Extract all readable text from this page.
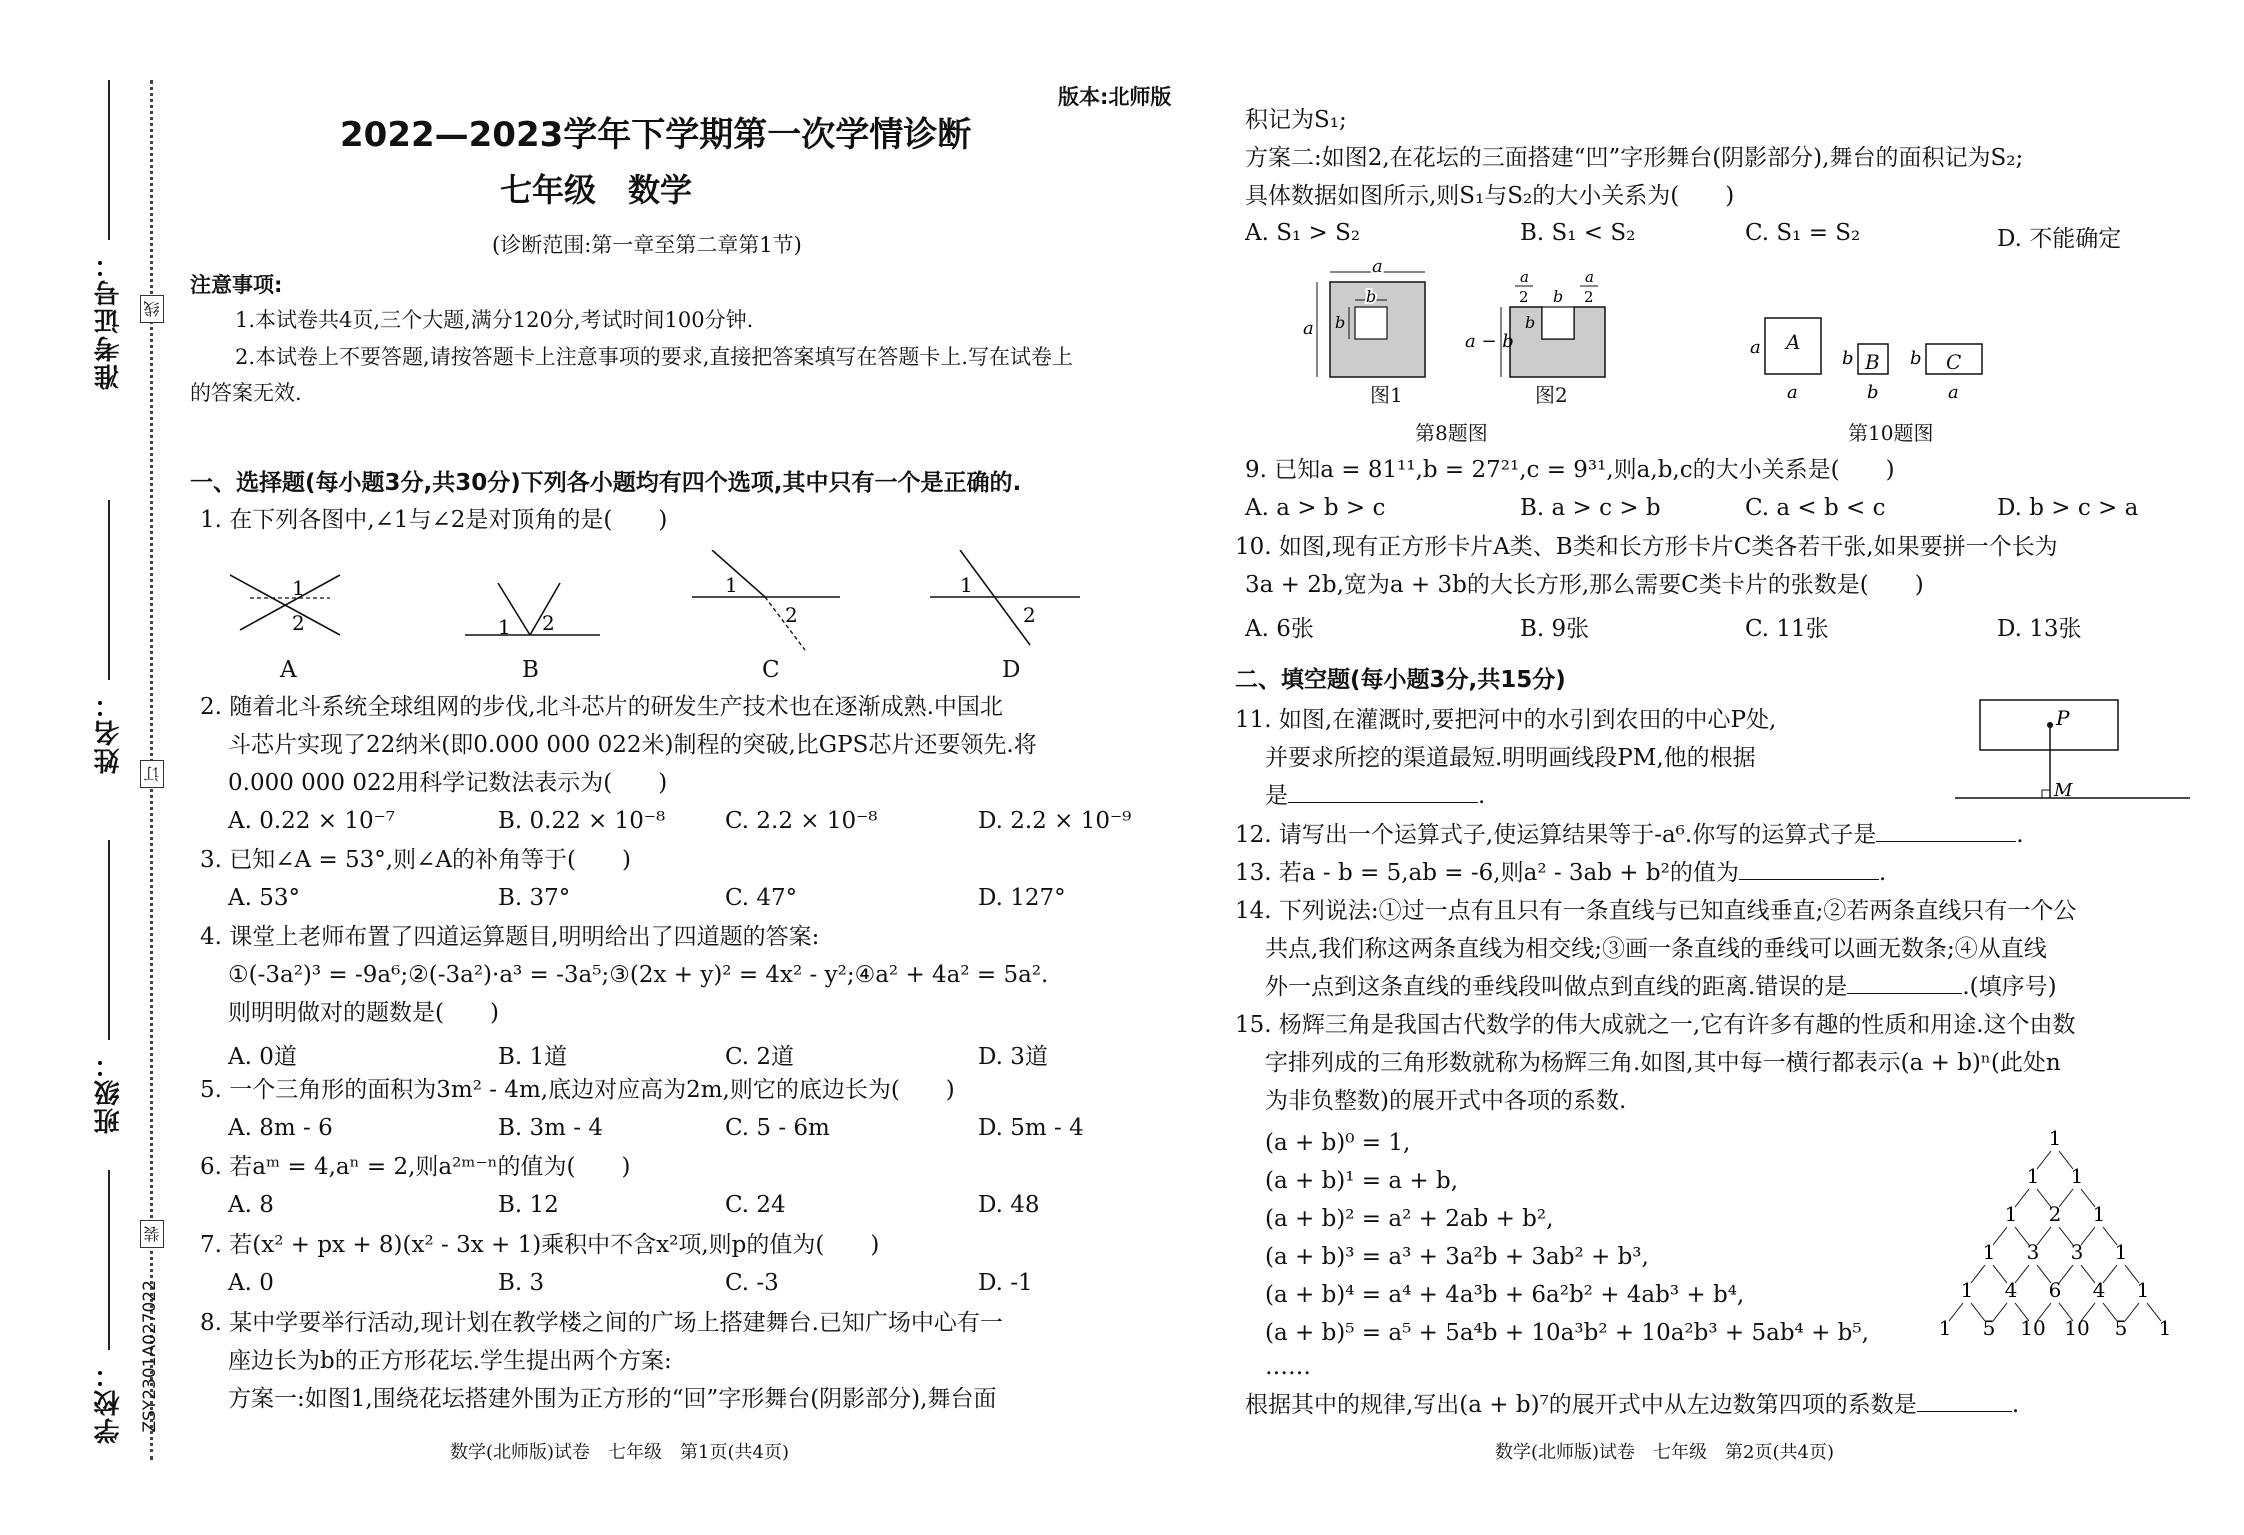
准考证号：
姓名：
班级：
学校：
线
订
装
ZSY2301A027022
版本:北师版
2022—2023学年下学期第一次学情诊断
七年级　数学
(诊断范围:第一章至第二章第1节)
注意事项:
1.本试卷共4页,三个大题,满分120分,考试时间100分钟.
2.本试卷上不要答题,请按答题卡上注意事项的要求,直接把答案填写在答题卡上.写在试卷上
的答案无效.
一、选择题(每小题3分,共30分)下列各小题均有四个选项,其中只有一个是正确的.
1. 在下列各图中,∠1与∠2是对顶角的是(　　)
1
2	1 2
1
2
1
2
A	B	C	D
2. 随着北斗系统全球组网的步伐,北斗芯片的研发生产技术也在逐渐成熟.中国北
斗芯片实现了22纳米(即0.000 000 022米)制程的突破,比GPS芯片还要领先.将
0.000 000 022用科学记数法表示为(　　)
A. 0.22 × 10⁻⁷	B. 0.22 × 10⁻⁸	C. 2.2 × 10⁻⁸	D. 2.2 × 10⁻⁹
3. 已知∠A = 53°,则∠A的补角等于(　　)
A. 53°	B. 37°	C. 47°	D. 127°
4. 课堂上老师布置了四道运算题目,明明给出了四道题的答案:
①(-3a²)³ = -9a⁶;②(-3a²)·a³ = -3a⁵;③(2x + y)² = 4x² - y²;④a² + 4a² = 5a².
则明明做对的题数是(　　)
A. 0道	B. 1道	C. 2道	D. 3道
5. 一个三角形的面积为3m² - 4m,底边对应高为2m,则它的底边长为(　　)
A. 8m - 6	B. 3m - 4	C. 5 - 6m	D. 5m - 4
6. 若aᵐ = 4,aⁿ = 2,则a²ᵐ⁻ⁿ的值为(　　)
A. 8	B. 12	C. 24	D. 48
7. 若(x² + px + 8)(x² - 3x + 1)乘积中不含x²项,则p的值为(　　)
A. 0	B. 3	C. -3	D. -1
8. 某中学要举行活动,现计划在教学楼之间的广场上搭建舞台.已知广场中心有一
座边长为b的正方形花坛.学生提出两个方案:
方案一:如图1,围绕花坛搭建外围为正方形的“回”字形舞台(阴影部分),舞台面
数学(北师版)试卷　七年级　第1页(共4页)
积记为S₁;
方案二:如图2,在花坛的三面搭建“凹”字形舞台(阴影部分),舞台的面积记为S₂;
具体数据如图所示,则S₁与S₂的大小关系为(　　)
A. S₁ > S₂	B. S₁ < S₂	C. S₁ = S₂	D. 不能确定
a
b
a b
a
2 b
a
2
a − b
b
图1	图2
第8题图
a
a
b
b
b
a
A
B	C
第10题图
9. 已知a = 81¹¹,b = 27²¹,c = 9³¹,则a,b,c的大小关系是(　　)
A. a > b > c	B. a > c > b	C. a < b < c	D. b > c > a
10. 如图,现有正方形卡片A类、B类和长方形卡片C类各若干张,如果要拼一个长为
3a + 2b,宽为a + 3b的大长方形,那么需要C类卡片的张数是(　　)
A. 6张	B. 9张	C. 11张	D. 13张
二、填空题(每小题3分,共15分)
11. 如图,在灌溉时,要把河中的水引到农田的中心P处,
并要求所挖的渠道最短.明明画线段PM,他的根据
是	.
P
M
12. 请写出一个运算式子,使运算结果等于-a⁶.你写的运算式子是	.
13. 若a - b = 5,ab = -6,则a² - 3ab + b²的值为	.
14. 下列说法:①过一点有且只有一条直线与已知直线垂直;②若两条直线只有一个公
共点,我们称这两条直线为相交线;③画一条直线的垂线可以画无数条;④从直线
外一点到这条直线的垂线段叫做点到直线的距离.错误的是	.(填序号)
15. 杨辉三角是我国古代数学的伟大成就之一,它有许多有趣的性质和用途.这个由数
字排列成的三角形数就称为杨辉三角.如图,其中每一横行都表示(a + b)ⁿ(此处n
为非负整数)的展开式中各项的系数.
(a + b)⁰ = 1,
(a + b)¹ = a + b,
(a + b)² = a² + 2ab + b²,
(a + b)³ = a³ + 3a²b + 3ab² + b³,
(a + b)⁴ = a⁴ + 4a³b + 6a²b² + 4ab³ + b⁴,
(a + b)⁵ = a⁵ + 5a⁴b + 10a³b² + 10a²b³ + 5ab⁴ + b⁵,
……
1
1 1
1 2 1
1 3 3 1
1 4 6 4 1
1 5 10 10 5 1
根据其中的规律,写出(a + b)⁷的展开式中从左边数第四项的系数是	.
数学(北师版)试卷　七年级　第2页(共4页)
